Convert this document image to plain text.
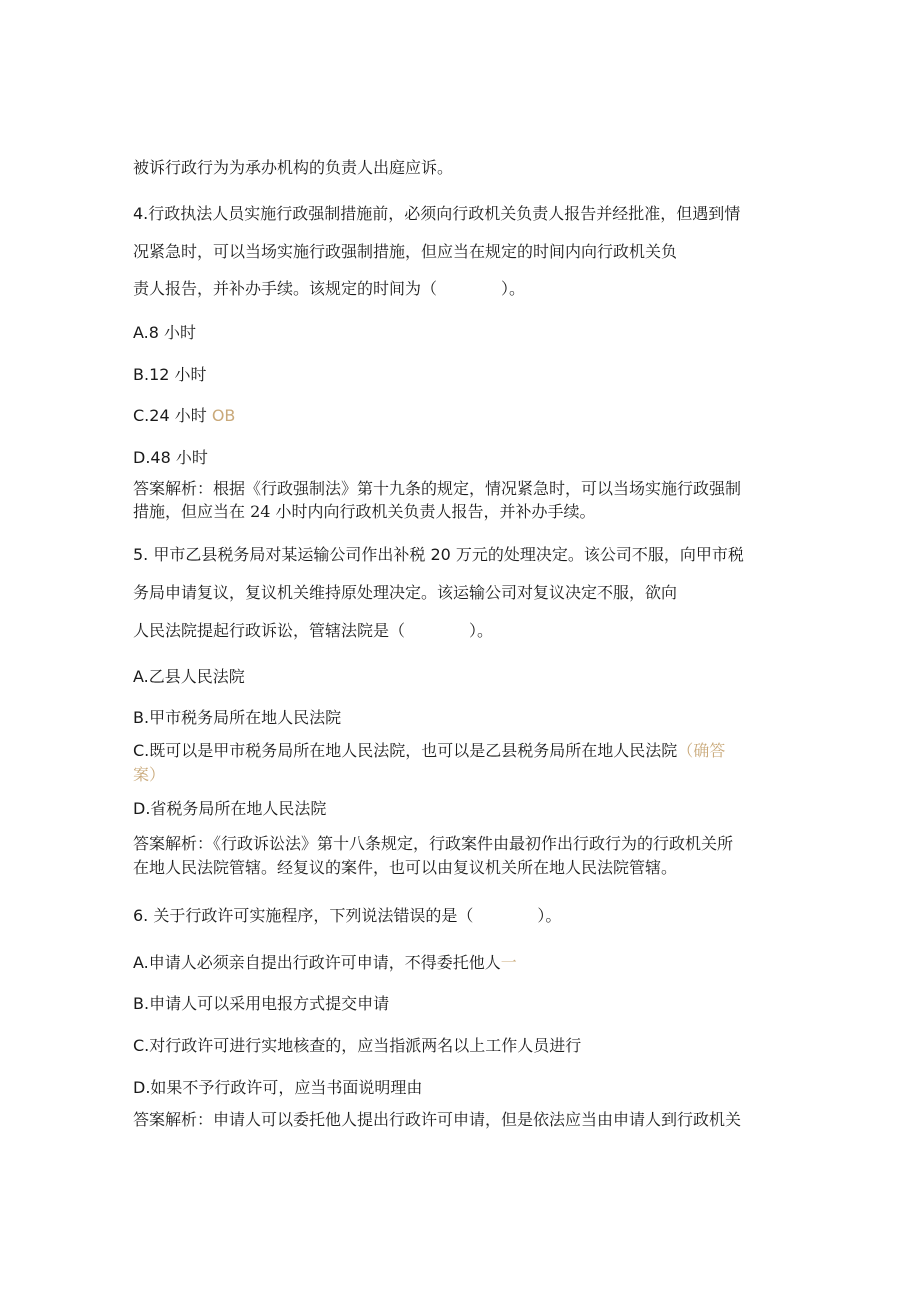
被诉行政行为为承办机构的负责人出庭应诉。
4.行政执法人员实施行政强制措施前，必须向行政机关负责人报告并经批准，但遇到情
况紧急时，可以当场实施行政强制措施，但应当在规定的时间内向行政机关负
责人报告，并补办手续。该规定的时间为（　　　　）。
A.8 小时
B.12 小时
C.24 小时 OB
D.48 小时
答案解析：根据《行政强制法》第十九条的规定，情况紧急时，可以当场实施行政强制
措施，但应当在 24 小时内向行政机关负责人报告，并补办手续。
5. 甲市乙县税务局对某运输公司作出补税 20 万元的处理决定。该公司不服，向甲市税
务局申请复议，复议机关维持原处理决定。该运输公司对复议决定不服，欲向
人民法院提起行政诉讼，管辖法院是（　　　　）。
A.乙县人民法院
B.甲市税务局所在地人民法院
C.既可以是甲市税务局所在地人民法院，也可以是乙县税务局所在地人民法院（确答
案）
D.省税务局所在地人民法院
答案解析：《行政诉讼法》第十八条规定，行政案件由最初作出行政行为的行政机关所
在地人民法院管辖。经复议的案件，也可以由复议机关所在地人民法院管辖。
6. 关于行政许可实施程序，下列说法错误的是（　　　　）。
A.申请人必须亲自提出行政许可申请，不得委托他人一
B.申请人可以采用电报方式提交申请
C.对行政许可进行实地核查的，应当指派两名以上工作人员进行
D.如果不予行政许可，应当书面说明理由
答案解析：申请人可以委托他人提出行政许可申请，但是依法应当由申请人到行政机关
